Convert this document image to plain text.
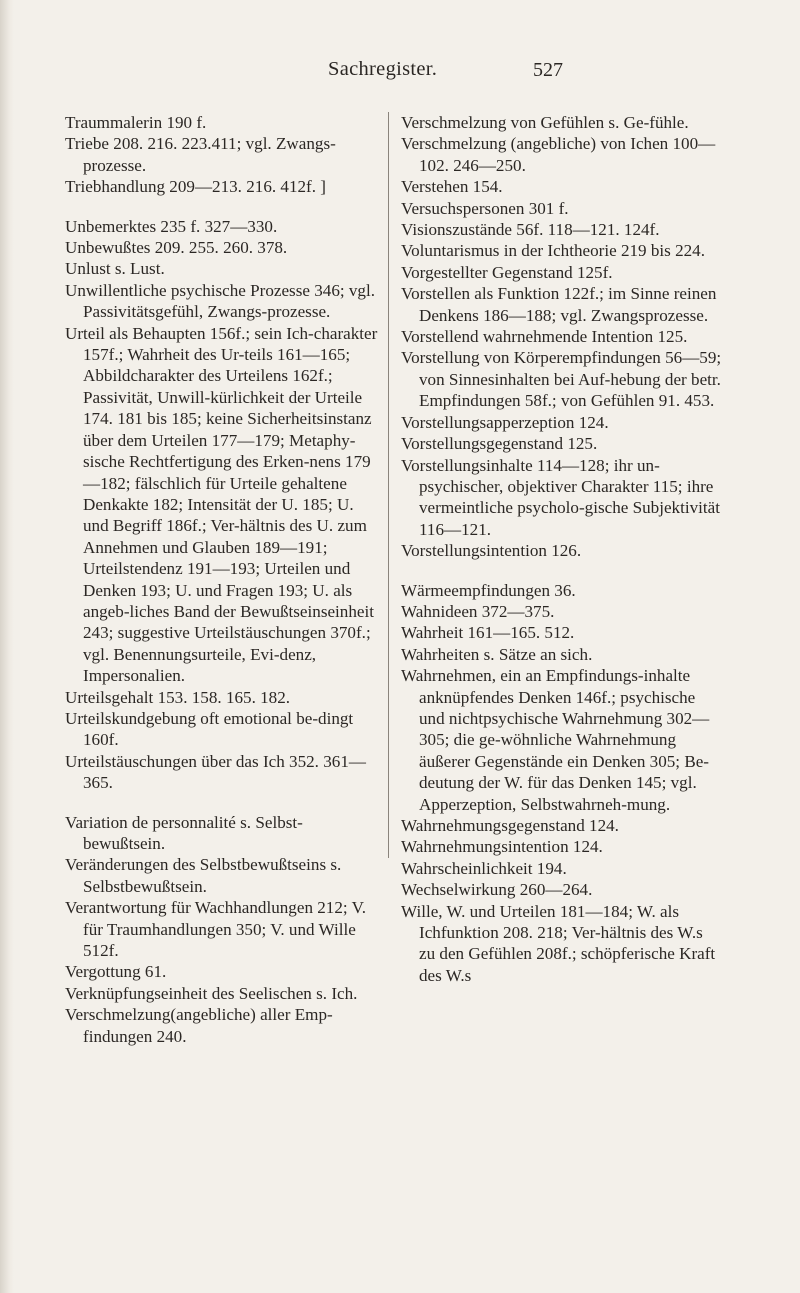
Sachregister.	527

Traummalerin 190 f.

Triebe 208. 216. 223.411; vgl. Zwangs-prozesse.

Triebhandlung 209—213. 216. 412f. ]

Unbemerktes 235 f. 327—330.

Unbewußtes 209. 255. 260. 378.

Unlust s. Lust.

Unwillentliche psychische Prozesse 346; vgl. Passivitätsgefühl, Zwangs-prozesse.

Urteil als Behaupten 156f.; sein Ich-charakter 157f.; Wahrheit des Ur-teils 161—165; Abbildcharakter des Urteilens 162f.; Passivität, Unwill-kürlichkeit der Urteile 174. 181 bis 185; keine Sicherheitsinstanz über dem Urteilen 177—179; Metaphy-sische Rechtfertigung des Erken-nens 179—182; fälschlich für Urteile gehaltene Denkakte 182; Intensität der U. 185; U. und Begriff 186f.; Ver-hältnis des U. zum Annehmen und Glauben 189—191; Urteilstendenz 191—193; Urteilen und Denken 193; U. und Fragen 193; U. als angeb-liches Band der Bewußtseinseinheit 243; suggestive Urteilstäuschungen 370f.; vgl. Benennungsurteile, Evi-denz, Impersonalien.

Urteilsgehalt 153. 158. 165. 182.

Urteilskundgebung oft emotional be-dingt 160f.

Urteilstäuschungen über das Ich 352. 361—365.

Variation de personnalité s. Selbst-bewußtsein.

Veränderungen des Selbstbewußtseins s. Selbstbewußtsein.

Verantwortung für Wachhandlungen 212; V. für Traumhandlungen 350; V. und Wille 512f.

Vergottung 61.

Verknüpfungseinheit des Seelischen s. Ich.

Verschmelzung(angebliche) aller Emp-findungen 240.

Verschmelzung von Gefühlen s. Ge-fühle.

Verschmelzung (angebliche) von Ichen 100—102. 246—250.

Verstehen 154.

Versuchspersonen 301 f.

Visionszustände 56f. 118—121. 124f.

Voluntarismus in der Ichtheorie 219 bis 224.

Vorgestellter Gegenstand 125f.

Vorstellen als Funktion 122f.; im Sinne reinen Denkens 186—188; vgl. Zwangsprozesse.

Vorstellend wahrnehmende Intention 125.

Vorstellung von Körperempfindungen 56—59; von Sinnesinhalten bei Auf-hebung der betr. Empfindungen 58f.; von Gefühlen 91. 453.

Vorstellungsapperzeption 124.

Vorstellungsgegenstand 125.

Vorstellungsinhalte 114—128; ihr un-psychischer, objektiver Charakter 115; ihre vermeintliche psycholo-gische Subjektivität 116—121.

Vorstellungsintention 126.

Wärmeempfindungen 36.

Wahnideen 372—375.

Wahrheit 161—165. 512.

Wahrheiten s. Sätze an sich.

Wahrnehmen, ein an Empfindungs-inhalte anknüpfendes Denken 146f.; psychische und nichtpsychische Wahrnehmung 302—305; die ge-wöhnliche Wahrnehmung äußerer Gegenstände ein Denken 305; Be-deutung der W. für das Denken 145; vgl. Apperzeption, Selbstwahrneh-mung.

Wahrnehmungsgegenstand 124.

Wahrnehmungsintention 124.

Wahrscheinlichkeit 194.

Wechselwirkung 260—264.

Wille, W. und Urteilen 181—184; W. als Ichfunktion 208. 218; Ver-hältnis des W.s zu den Gefühlen 208f.; schöpferische Kraft des W.s
